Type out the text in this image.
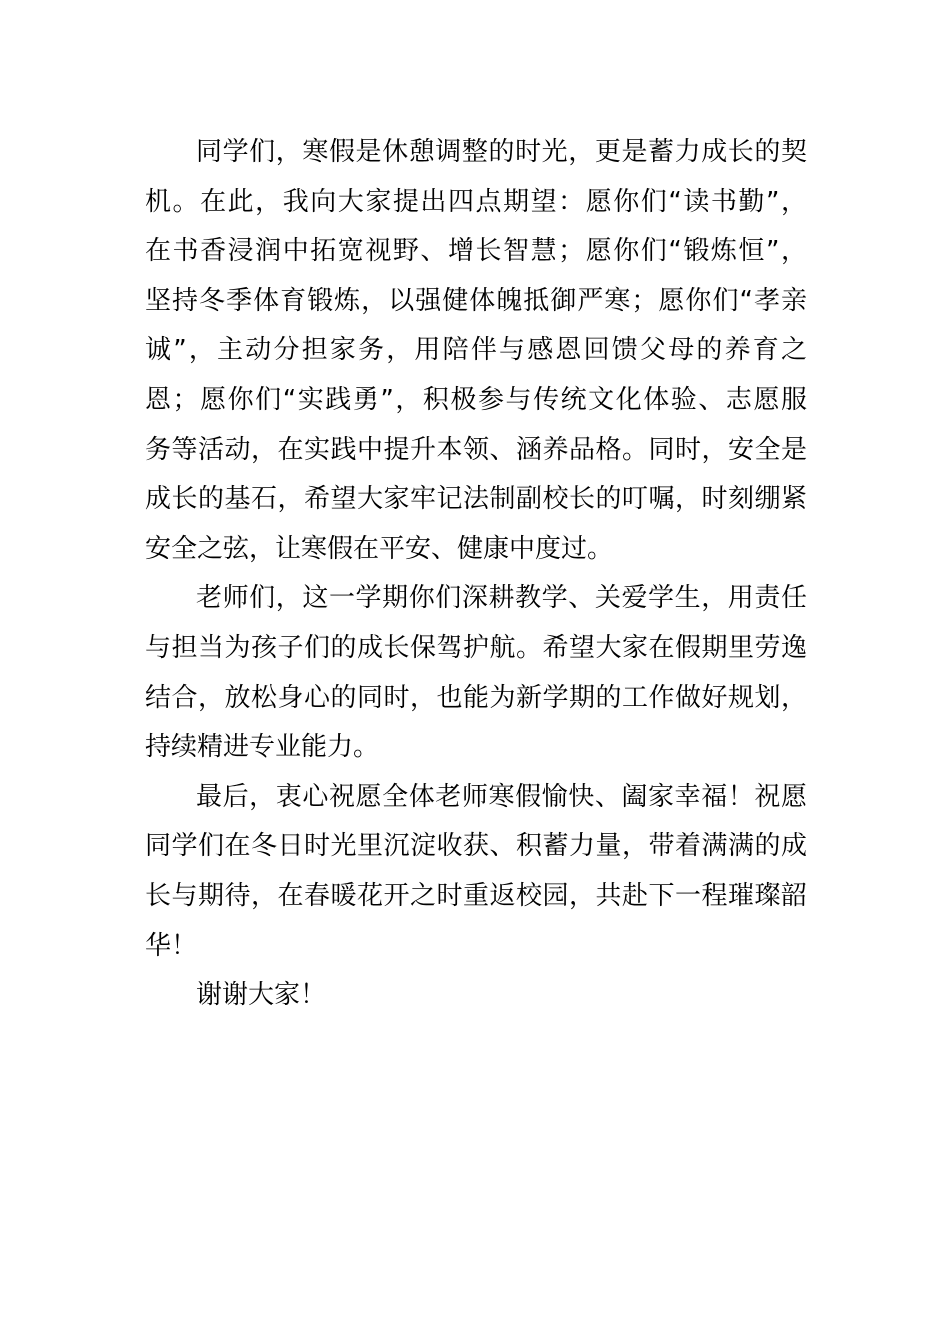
同学们，寒假是休憩调整的时光，更是蓄力成长的契
机。在此，我向大家提出四点期望：愿你们“读书勤”，
在书香浸润中拓宽视野、增长智慧；愿你们“锻炼恒”，
坚持冬季体育锻炼，以强健体魄抵御严寒；愿你们“孝亲
诚”，主动分担家务，用陪伴与感恩回馈父母的养育之
恩；愿你们“实践勇”，积极参与传统文化体验、志愿服
务等活动，在实践中提升本领、涵养品格。同时，安全是
成长的基石，希望大家牢记法制副校长的叮嘱，时刻绷紧
安全之弦，让寒假在平安、健康中度过。
老师们，这一学期你们深耕教学、关爱学生，用责任
与担当为孩子们的成长保驾护航。希望大家在假期里劳逸
结合，放松身心的同时，也能为新学期的工作做好规划，
持续精进专业能力。
最后，衷心祝愿全体老师寒假愉快、阖家幸福！祝愿
同学们在冬日时光里沉淀收获、积蓄力量，带着满满的成
长与期待，在春暖花开之时重返校园，共赴下一程璀璨韶
华！
谢谢大家！
